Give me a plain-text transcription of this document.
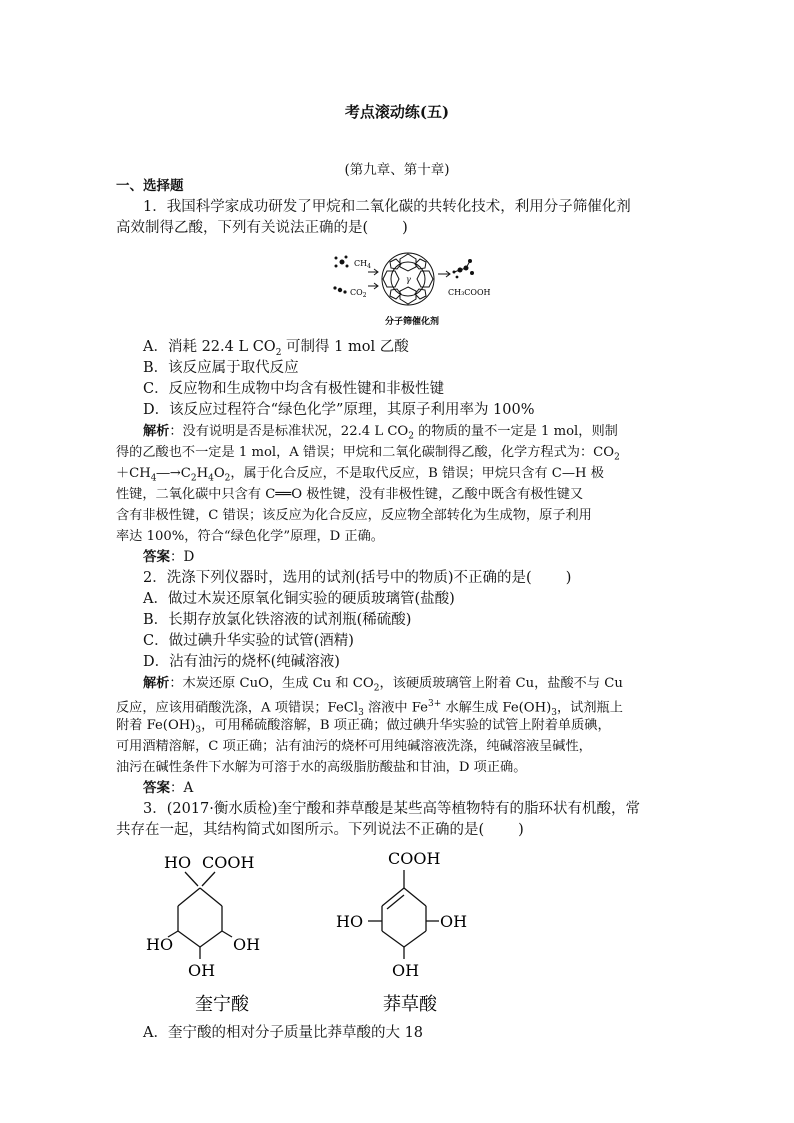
考点滚动练(五)
(第九章、第十章)
一、选择题
1．我国科学家成功研发了甲烷和二氧化碳的共转化技术，利用分子筛催化剂
高效制得乙酸，下列有关说法正确的是( )
$CH_4$
$CO_2$
γ
CH₃COOH
分子筛催化剂
A．消耗 22.4 L $CO_2$ 可制得 1 mol 乙酸
B．该反应属于取代反应
C．反应物和生成物中均含有极性键和非极性键
D．该反应过程符合“绿色化学”原理，其原子利用率为 100%
解析：没有说明是否是标准状况，22.4 L $CO_2$ 的物质的量不一定是 1 mol，则制
得的乙酸也不一定是 1 mol，A 错误；甲烷和二氧化碳制得乙酸，化学方程式为：$CO_2$
$+CH_4―\to C_2H_4O_2$，属于化合反应，不是取代反应，B 错误；甲烷只含有 C—H 极
性键，二氧化碳中只含有 C══O 极性键，没有非极性键，乙酸中既含有极性键又
含有非极性键，C 错误；该反应为化合反应，反应物全部转化为生成物，原子利用
率达 100%，符合“绿色化学”原理，D 正确。
答案：D
2．洗涤下列仪器时，选用的试剂(括号中的物质)不正确的是( )
A．做过木炭还原氧化铜实验的硬质玻璃管(盐酸)
B．长期存放氯化铁溶液的试剂瓶(稀硫酸)
C．做过碘升华实验的试管(酒精)
D．沾有油污的烧杯(纯碱溶液)
解析：木炭还原 CuO，生成 Cu 和 $CO_2$，该硬质玻璃管上附着 Cu，盐酸不与 Cu
反应，应该用硝酸洗涤，A 项错误；FeCl$_3$ 溶液中 $Fe^{3+}$ 水解生成 $Fe(OH)_3$，试剂瓶上
附着 $Fe(OH)_3$，可用稀硫酸溶解，B 项正确；做过碘升华实验的试管上附着单质碘，
可用酒精溶解，C 项正确；沾有油污的烧杯可用纯碱溶液洗涤，纯碱溶液呈碱性，
油污在碱性条件下水解为可溶于水的高级脂肪酸盐和甘油，D 项正确。
答案：A
3．(2017·衡水质检)奎宁酸和莽草酸是某些高等植物特有的脂环状有机酸，常
共存在一起，其结构简式如图所示。下列说法不正确的是( )
HO COOH
HO	OH
OH
奎宁酸
COOH
HO	OH
OH
莽草酸
A．奎宁酸的相对分子质量比莽草酸的大 18
